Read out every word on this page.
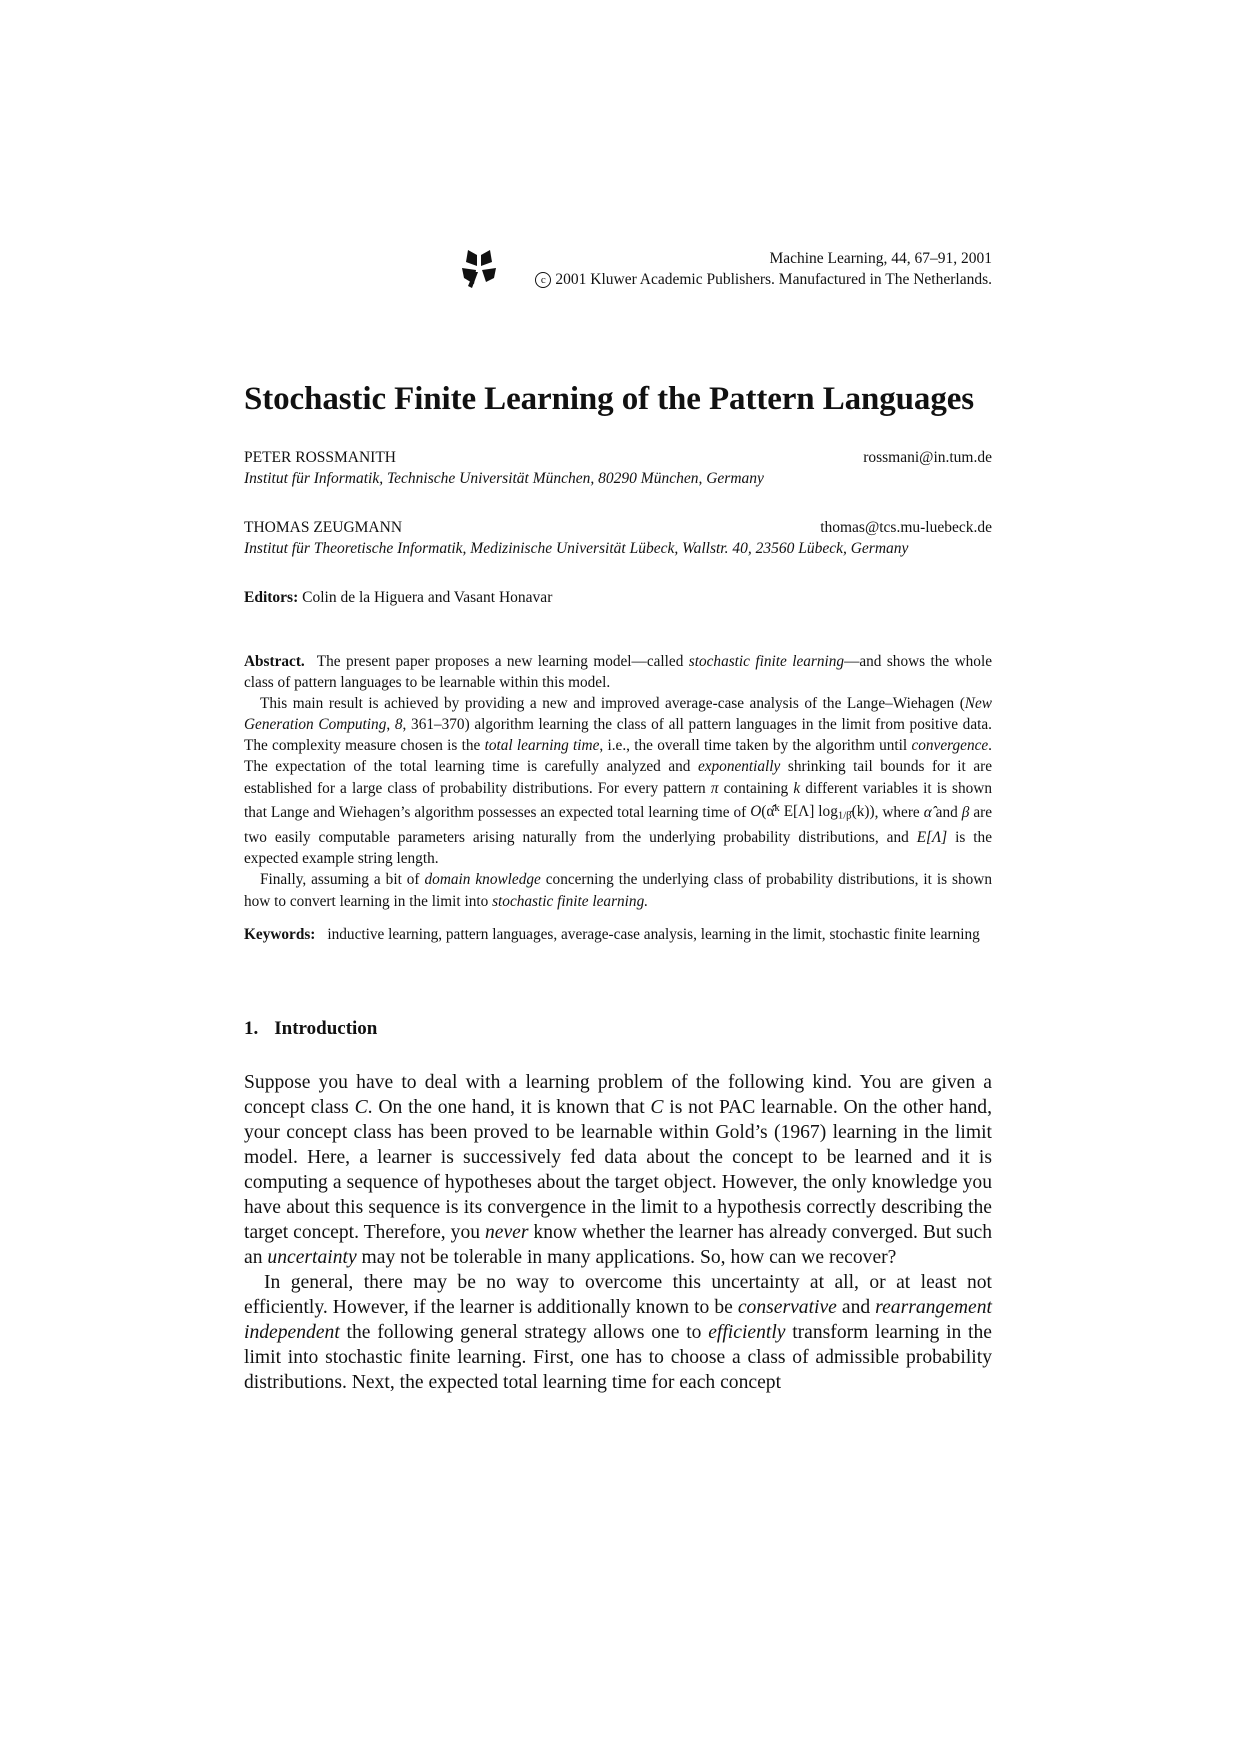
Machine Learning, 44, 67–91, 2001
c 2001 Kluwer Academic Publishers. Manufactured in The Netherlands.
Stochastic Finite Learning of the Pattern Languages
PETER ROSSMANITH	rossmani@in.tum.de
Institut für Informatik, Technische Universität München, 80290 München, Germany
THOMAS ZEUGMANN	thomas@tcs.mu-luebeck.de
Institut für Theoretische Informatik, Medizinische Universität Lübeck, Wallstr. 40, 23560 Lübeck, Germany
Editors: Colin de la Higuera and Vasant Honavar

Abstract. The present paper proposes a new learning model—called stochastic finite learning—and shows the whole class of pattern languages to be learnable within this model.

This main result is achieved by providing a new and improved average-case analysis of the Lange–Wiehagen (New Generation Computing, 8, 361–370) algorithm learning the class of all pattern languages in the limit from positive data. The complexity measure chosen is the total learning time, i.e., the overall time taken by the algorithm until convergence. The expectation of the total learning time is carefully analyzed and exponentially shrinking tail bounds for it are established for a large class of probability distributions. For every pattern π containing k different variables it is shown that Lange and Wiehagen’s algorithm possesses an expected total learning time of O(α̂$^k$ E[Λ] $\log_{1/\betâ}(k)$), where α̂ and β are two easily computable parameters arising naturally from the underlying probability distributions, and E[Λ] is the expected example string length.

Finally, assuming a bit of domain knowledge concerning the underlying class of probability distributions, it is shown how to convert learning in the limit into stochastic finite learning.

Keywords: inductive learning, pattern languages, average-case analysis, learning in the limit, stochastic finite learning

1. Introduction

Suppose you have to deal with a learning problem of the following kind. You are given a concept class C. On the one hand, it is known that C is not PAC learnable. On the other hand, your concept class has been proved to be learnable within Gold’s (1967) learning in the limit model. Here, a learner is successively fed data about the concept to be learned and it is computing a sequence of hypotheses about the target object. However, the only knowledge you have about this sequence is its convergence in the limit to a hypothesis correctly describing the target concept. Therefore, you never know whether the learner has already converged. But such an uncertainty may not be tolerable in many applications. So, how can we recover?

In general, there may be no way to overcome this uncertainty at all, or at least not efficiently. However, if the learner is additionally known to be conservative and rearrangement independent the following general strategy allows one to efficiently transform learning in the limit into stochastic finite learning. First, one has to choose a class of admissible probability distributions. Next, the expected total learning time for each concept
